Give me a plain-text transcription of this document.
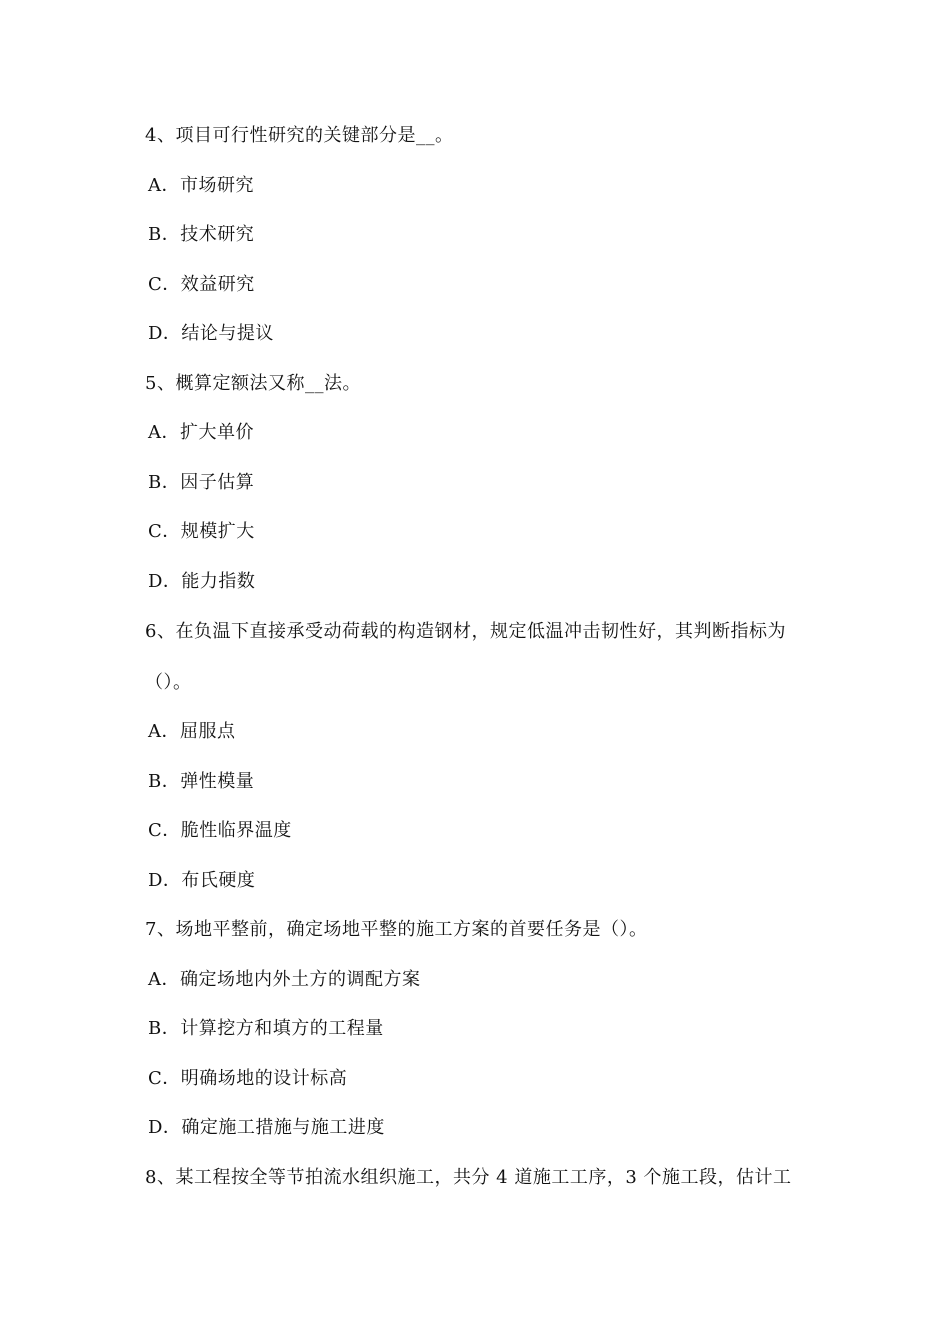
4、项目可行性研究的关键部分是__。
A．市场研究
B．技术研究
C．效益研究
D．结论与提议
5、概算定额法又称__法。
A．扩大单价
B．因子估算
C．规模扩大
D．能力指数
6、在负温下直接承受动荷载的构造钢材，规定低温冲击韧性好，其判断指标为
（）。
A．屈服点
B．弹性模量
C．脆性临界温度
D．布氏硬度
7、场地平整前，确定场地平整的施工方案的首要任务是（）。
A．确定场地内外土方的调配方案
B．计算挖方和填方的工程量
C．明确场地的设计标高
D．确定施工措施与施工进度
8、某工程按全等节拍流水组织施工，共分 4 道施工工序，3 个施工段，估计工
